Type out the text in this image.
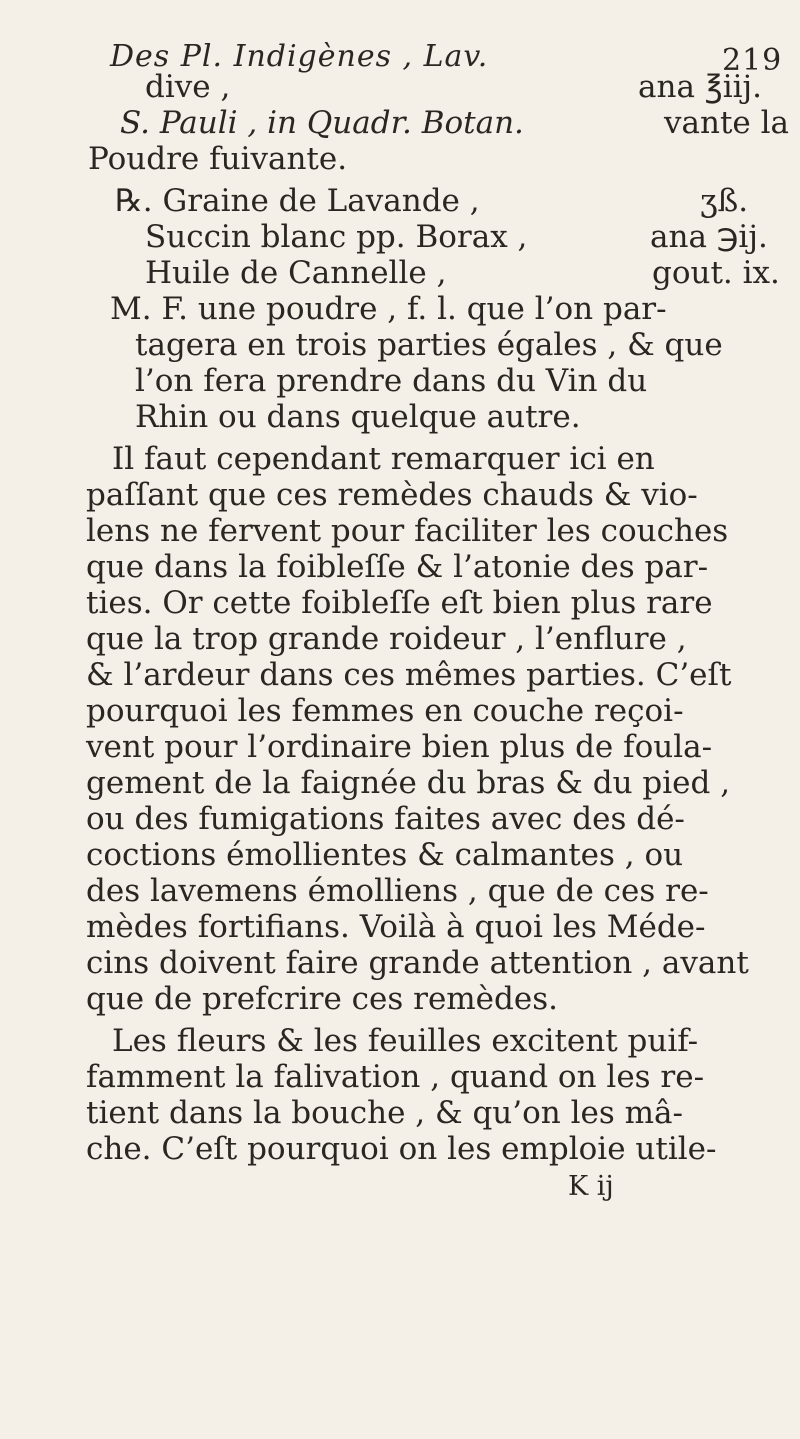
Des Pl. Indigènes , Lav.	219
dive ,	ana ℥iij.
S. Pauli , in Quadr. Botan.	vante la
Poudre fuivante.
℞. Graine de Lavande ,	ʒß.
Succin blanc pp. Borax ,	ana ℈ij.
Huile de Cannelle ,	gout. ix.
M. F. une poudre , f. l. que l’on par-
tagera en trois parties égales , & que
l’on fera prendre dans du Vin du
Rhin ou dans quelque autre.
Il faut cependant remarquer ici en
paſſant que ces remèdes chauds & vio-
lens ne fervent pour faciliter les couches
que dans la foibleſſe & l’atonie des par-
ties. Or cette foibleſſe eſt bien plus rare
que la trop grande roideur , l’enflure ,
& l’ardeur dans ces mêmes parties. C’eſt
pourquoi les femmes en couche reçoi-
vent pour l’ordinaire bien plus de foula-
gement de la faignée du bras & du pied ,
ou des fumigations faites avec des dé-
coctions émollientes & calmantes , ou
des lavemens émolliens , que de ces re-
mèdes fortifians. Voilà à quoi les Méde-
cins doivent faire grande attention , avant
que de prefcrire ces remèdes.
Les fleurs & les feuilles excitent puif-
famment la falivation , quand on les re-
tient dans la bouche , & qu’on les mâ-
che. C’eſt pourquoi on les emploie utile-
K ij
